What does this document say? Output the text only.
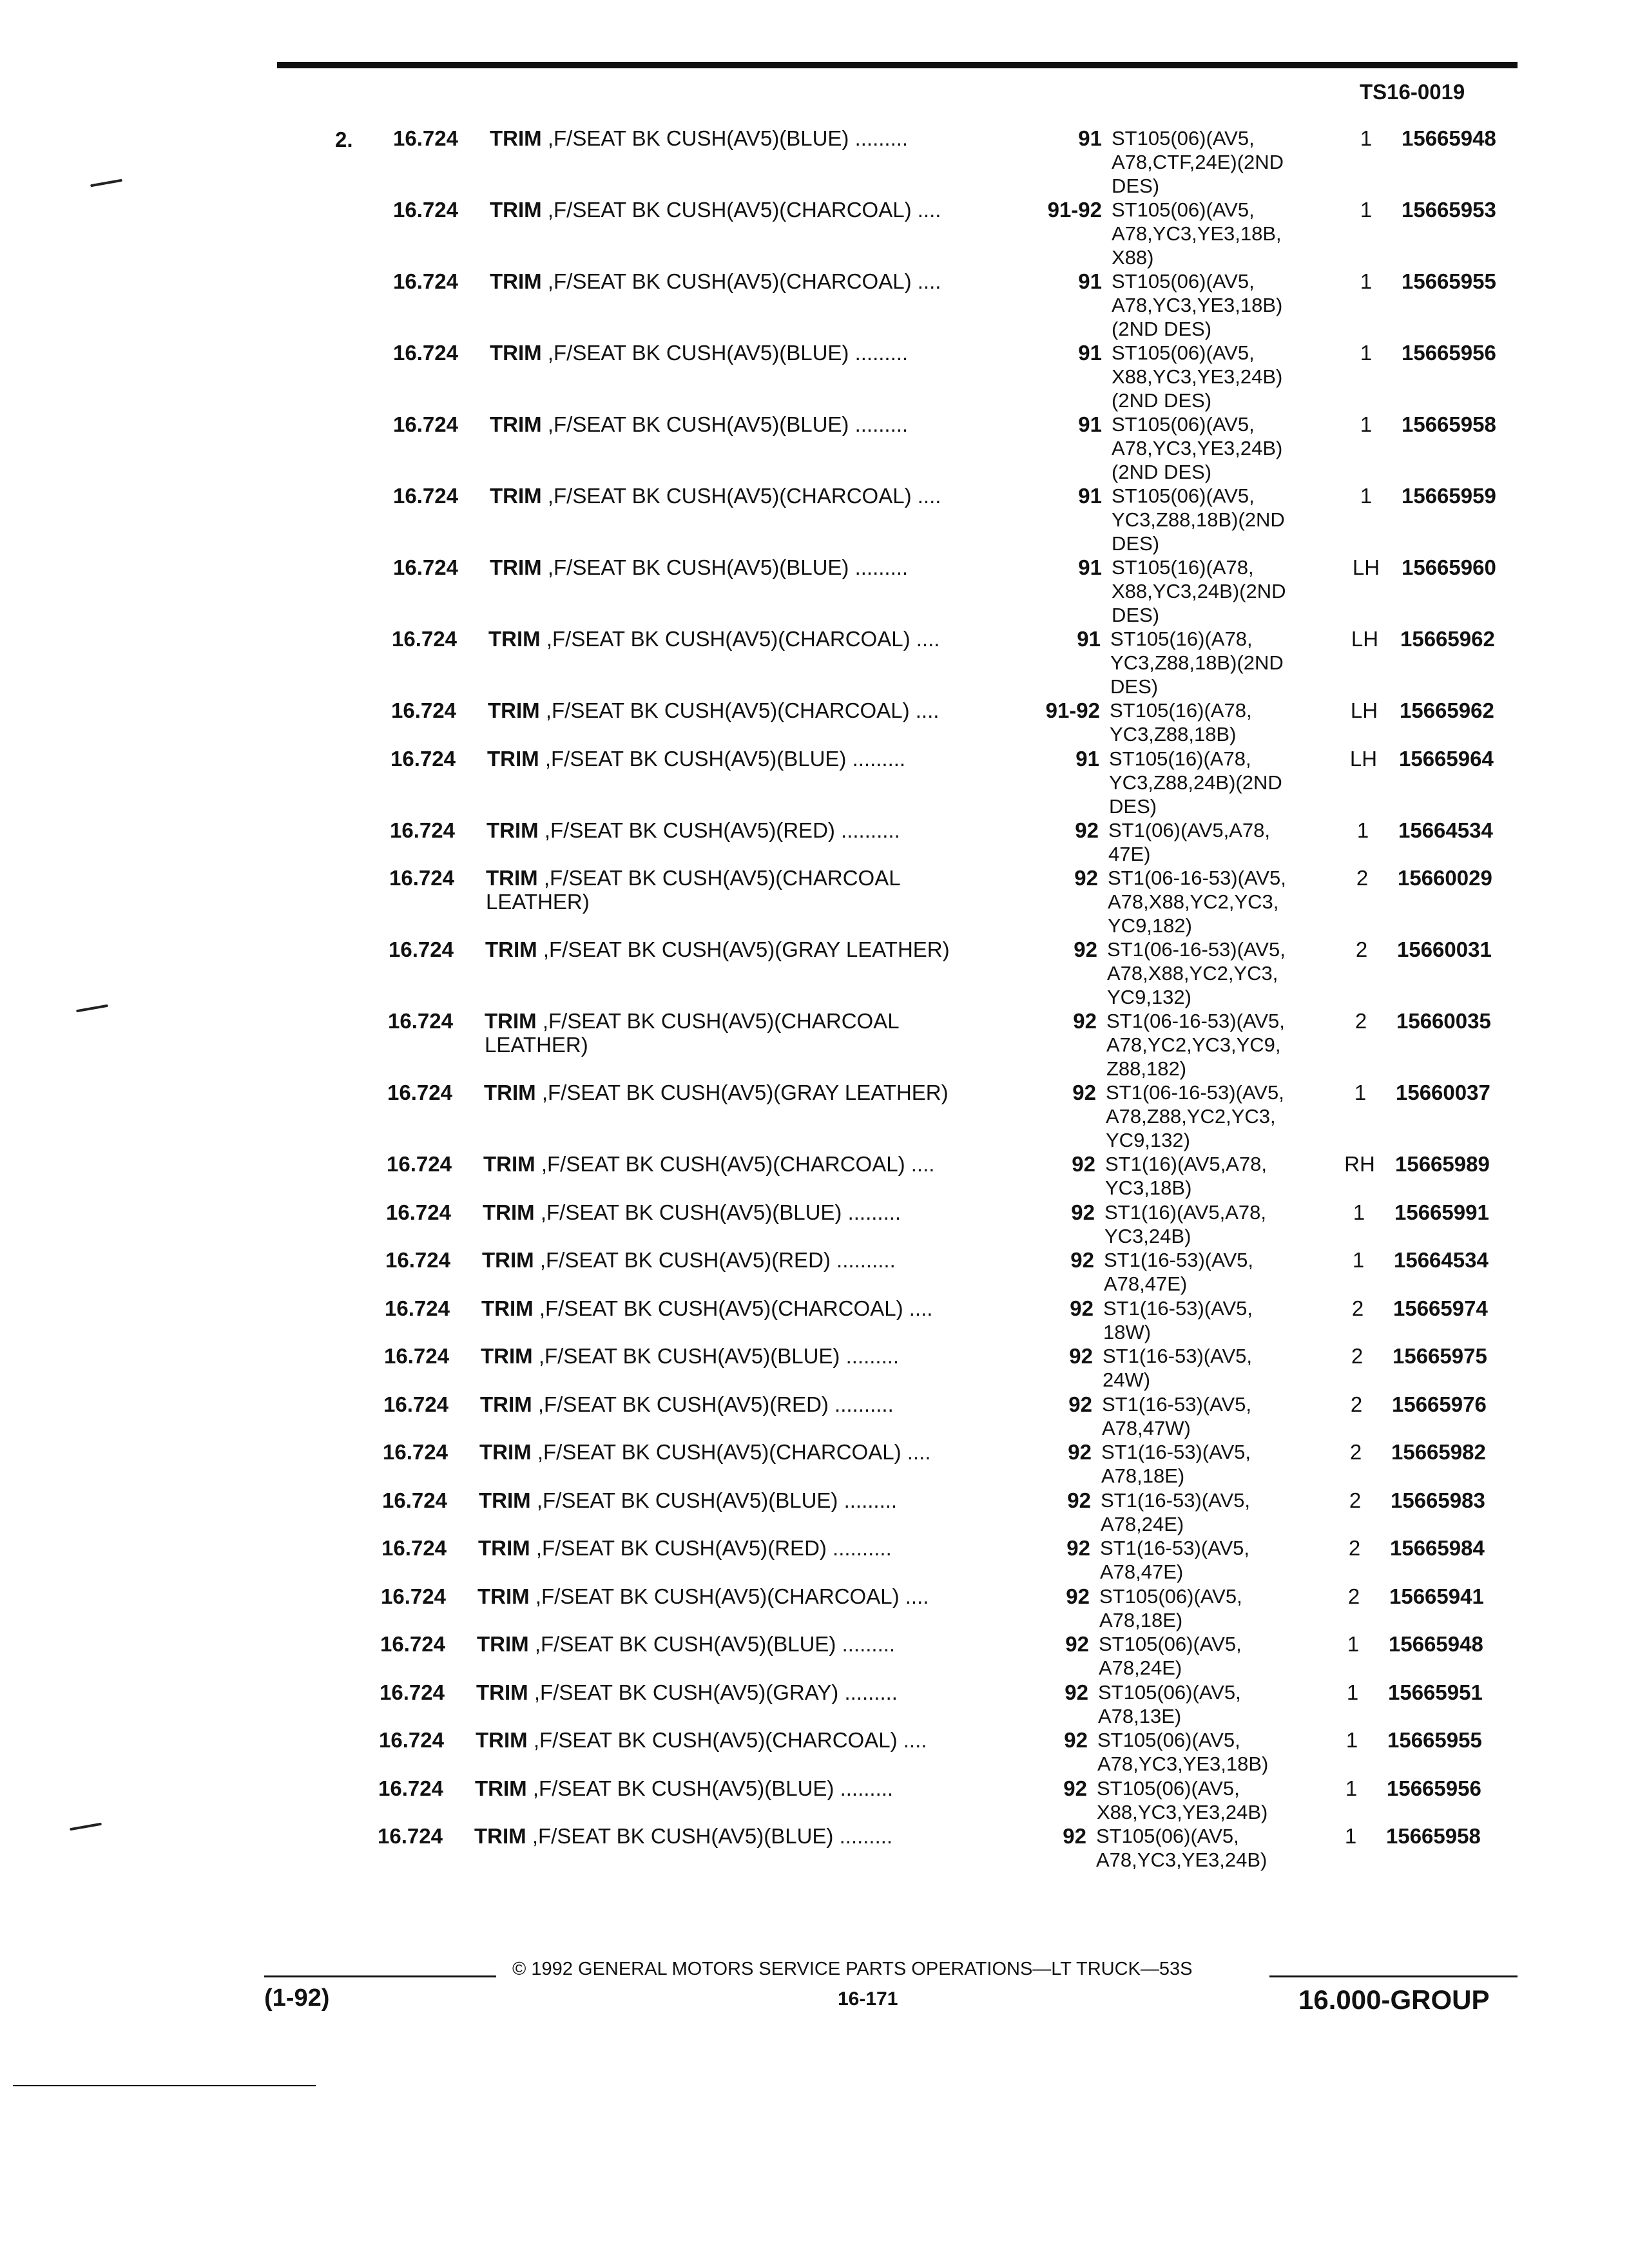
TS16-0019
2. 16.724	TRIM ,F/SEAT BK CUSH(AV5)(BLUE) .........	91 ST105(06)(AV5,
A78,CTF,24E)(2ND
DES)
1	15665948
16.724	TRIM ,F/SEAT BK CUSH(AV5)(CHARCOAL) ....	91-92 ST105(06)(AV5,
A78,YC3,YE3,18B,
X88)
1	15665953
16.724	TRIM ,F/SEAT BK CUSH(AV5)(CHARCOAL) ....	91 ST105(06)(AV5,
A78,YC3,YE3,18B)
(2ND DES)
1	15665955
16.724	TRIM ,F/SEAT BK CUSH(AV5)(BLUE) .........	91 ST105(06)(AV5,
X88,YC3,YE3,24B)
(2ND DES)
1	15665956
16.724	TRIM ,F/SEAT BK CUSH(AV5)(BLUE) .........	91 ST105(06)(AV5,
A78,YC3,YE3,24B)
(2ND DES)
1	15665958
16.724	TRIM ,F/SEAT BK CUSH(AV5)(CHARCOAL) ....	91 ST105(06)(AV5,
YC3,Z88,18B)(2ND
DES)
1	15665959
16.724	TRIM ,F/SEAT BK CUSH(AV5)(BLUE) .........	91 ST105(16)(A78,
X88,YC3,24B)(2ND
DES)
LH	15665960
16.724	TRIM ,F/SEAT BK CUSH(AV5)(CHARCOAL) ....	91 ST105(16)(A78,
YC3,Z88,18B)(2ND
DES)
LH	15665962
16.724	TRIM ,F/SEAT BK CUSH(AV5)(CHARCOAL) ....	91-92 ST105(16)(A78,
YC3,Z88,18B)
LH	15665962
16.724	TRIM ,F/SEAT BK CUSH(AV5)(BLUE) .........	91 ST105(16)(A78,
YC3,Z88,24B)(2ND
DES)
LH	15665964
16.724	TRIM ,F/SEAT BK CUSH(AV5)(RED) ..........	92 ST1(06)(AV5,A78,
47E)
1	15664534
16.724	TRIM ,F/SEAT BK CUSH(AV5)(CHARCOAL LEATHER)
92 ST1(06-16-53)(AV5,
A78,X88,YC2,YC3,
YC9,182)
2	15660029
16.724	TRIM ,F/SEAT BK CUSH(AV5)(GRAY LEATHER)	92 ST1(06-16-53)(AV5,
A78,X88,YC2,YC3,
YC9,132)
2	15660031
16.724	TRIM ,F/SEAT BK CUSH(AV5)(CHARCOAL LEATHER)
92 ST1(06-16-53)(AV5,
A78,YC2,YC3,YC9,
Z88,182)
2	15660035
16.724	TRIM ,F/SEAT BK CUSH(AV5)(GRAY LEATHER)	92 ST1(06-16-53)(AV5,
A78,Z88,YC2,YC3,
YC9,132)
1	15660037
16.724	TRIM ,F/SEAT BK CUSH(AV5)(CHARCOAL) ....	92 ST1(16)(AV5,A78,
YC3,18B)
RH 15665989
16.724	TRIM ,F/SEAT BK CUSH(AV5)(BLUE) .........	92 ST1(16)(AV5,A78,
YC3,24B)
1	15665991
16.724	TRIM ,F/SEAT BK CUSH(AV5)(RED) ..........	92 ST1(16-53)(AV5,
A78,47E)
1	15664534
16.724	TRIM ,F/SEAT BK CUSH(AV5)(CHARCOAL) ....	92 ST1(16-53)(AV5,
18W)
2	15665974
16.724	TRIM ,F/SEAT BK CUSH(AV5)(BLUE) .........	92 ST1(16-53)(AV5,
24W)
2	15665975
16.724	TRIM ,F/SEAT BK CUSH(AV5)(RED) ..........	92 ST1(16-53)(AV5,
A78,47W)
2	15665976
16.724	TRIM ,F/SEAT BK CUSH(AV5)(CHARCOAL) ....	92 ST1(16-53)(AV5,
A78,18E)
2	15665982
16.724	TRIM ,F/SEAT BK CUSH(AV5)(BLUE) .........	92 ST1(16-53)(AV5,
A78,24E)
2	15665983
16.724	TRIM ,F/SEAT BK CUSH(AV5)(RED) ..........	92 ST1(16-53)(AV5,
A78,47E)
2	15665984
16.724	TRIM ,F/SEAT BK CUSH(AV5)(CHARCOAL) ....	92 ST105(06)(AV5,
A78,18E)
2	15665941
16.724	TRIM ,F/SEAT BK CUSH(AV5)(BLUE) .........	92 ST105(06)(AV5,
A78,24E)
1	15665948
16.724	TRIM ,F/SEAT BK CUSH(AV5)(GRAY) .........	92 ST105(06)(AV5,
A78,13E)
1	15665951
16.724	TRIM ,F/SEAT BK CUSH(AV5)(CHARCOAL) ....	92 ST105(06)(AV5,
A78,YC3,YE3,18B)
1	15665955
16.724	TRIM ,F/SEAT BK CUSH(AV5)(BLUE) .........	92 ST105(06)(AV5,
X88,YC3,YE3,24B)
1	15665956
16.724	TRIM ,F/SEAT BK CUSH(AV5)(BLUE) .........	92 ST105(06)(AV5,
A78,YC3,YE3,24B)
1	15665958
© 1992 GENERAL MOTORS SERVICE PARTS OPERATIONS—LT TRUCK—53S
16-171
(1-92)	16.000-GROUP
